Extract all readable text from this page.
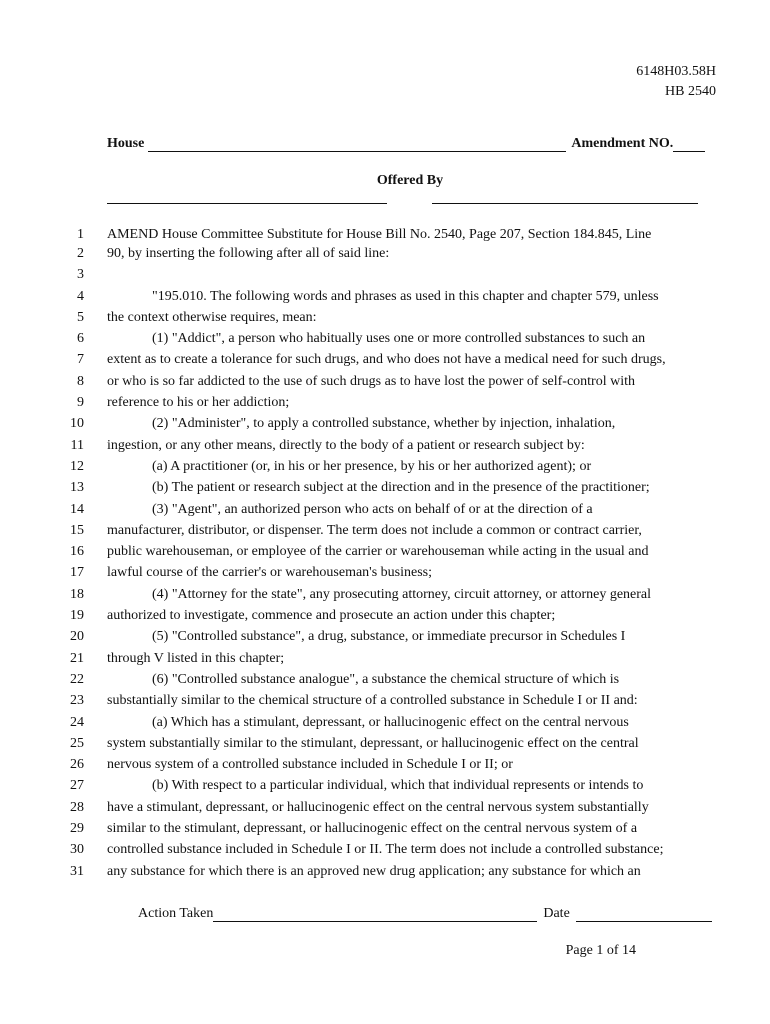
6148H03.58H
HB 2540
House	Amendment NO.
Offered By
1 AMEND House Committee Substitute for House Bill No. 2540, Page 207, Section 184.845, Line
2 90, by inserting the following after all of said line:
3
4	"195.010. The following words and phrases as used in this chapter and chapter 579, unless
5 the context otherwise requires, mean:
6	(1) "Addict", a person who habitually uses one or more controlled substances to such an
7 extent as to create a tolerance for such drugs, and who does not have a medical need for such drugs,
8 or who is so far addicted to the use of such drugs as to have lost the power of self-control with
9 reference to his or her addiction;
10	(2) "Administer", to apply a controlled substance, whether by injection, inhalation,
11 ingestion, or any other means, directly to the body of a patient or research subject by:
12	(a) A practitioner (or, in his or her presence, by his or her authorized agent); or
13	(b) The patient or research subject at the direction and in the presence of the practitioner;
14	(3) "Agent", an authorized person who acts on behalf of or at the direction of a
15 manufacturer, distributor, or dispenser. The term does not include a common or contract carrier,
16 public warehouseman, or employee of the carrier or warehouseman while acting in the usual and
17 lawful course of the carrier's or warehouseman's business;
18	(4) "Attorney for the state", any prosecuting attorney, circuit attorney, or attorney general
19 authorized to investigate, commence and prosecute an action under this chapter;
20	(5) "Controlled substance", a drug, substance, or immediate precursor in Schedules I
21 through V listed in this chapter;
22	(6) "Controlled substance analogue", a substance the chemical structure of which is
23 substantially similar to the chemical structure of a controlled substance in Schedule I or II and:
24	(a) Which has a stimulant, depressant, or hallucinogenic effect on the central nervous
25 system substantially similar to the stimulant, depressant, or hallucinogenic effect on the central
26 nervous system of a controlled substance included in Schedule I or II; or
27	(b) With respect to a particular individual, which that individual represents or intends to
28 have a stimulant, depressant, or hallucinogenic effect on the central nervous system substantially
29 similar to the stimulant, depressant, or hallucinogenic effect on the central nervous system of a
30 controlled substance included in Schedule I or II. The term does not include a controlled substance;
31 any substance for which there is an approved new drug application; any substance for which an
Action Taken	Date
Page 1 of 14
